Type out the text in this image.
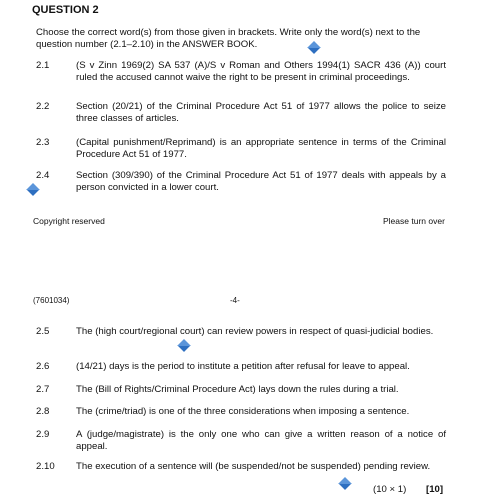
QUESTION 2
Choose the correct word(s) from those given in brackets. Write only the word(s) next to the question number (2.1–2.10) in the ANSWER BOOK.
2.1	(S v Zinn 1969(2) SA 537 (A)/S v Roman and Others 1994(1) SACR 436 (A)) court ruled the accused cannot waive the right to be present in criminal proceedings.
2.2	Section (20/21) of the Criminal Procedure Act 51 of 1977 allows the police to seize three classes of articles.
2.3	(Capital punishment/Reprimand) is an appropriate sentence in terms of the Criminal Procedure Act 51 of 1977.
2.4	Section (309/390) of the Criminal Procedure Act 51 of 1977 deals with appeals by a person convicted in a lower court.
Copyright reserved	Please turn over
(7601034)	-4-
2.5	The (high court/regional court) can review powers in respect of quasi-judicial bodies.
2.6	(14/21) days is the period to institute a petition after refusal for leave to appeal.
2.7	The (Bill of Rights/Criminal Procedure Act) lays down the rules during a trial.
2.8	The (crime/triad) is one of the three considerations when imposing a sentence.
2.9	A (judge/magistrate) is the only one who can give a written reason of a notice of appeal.
2.10	The execution of a sentence will (be suspended/not be suspended) pending review.
(10 × 1) [10]
